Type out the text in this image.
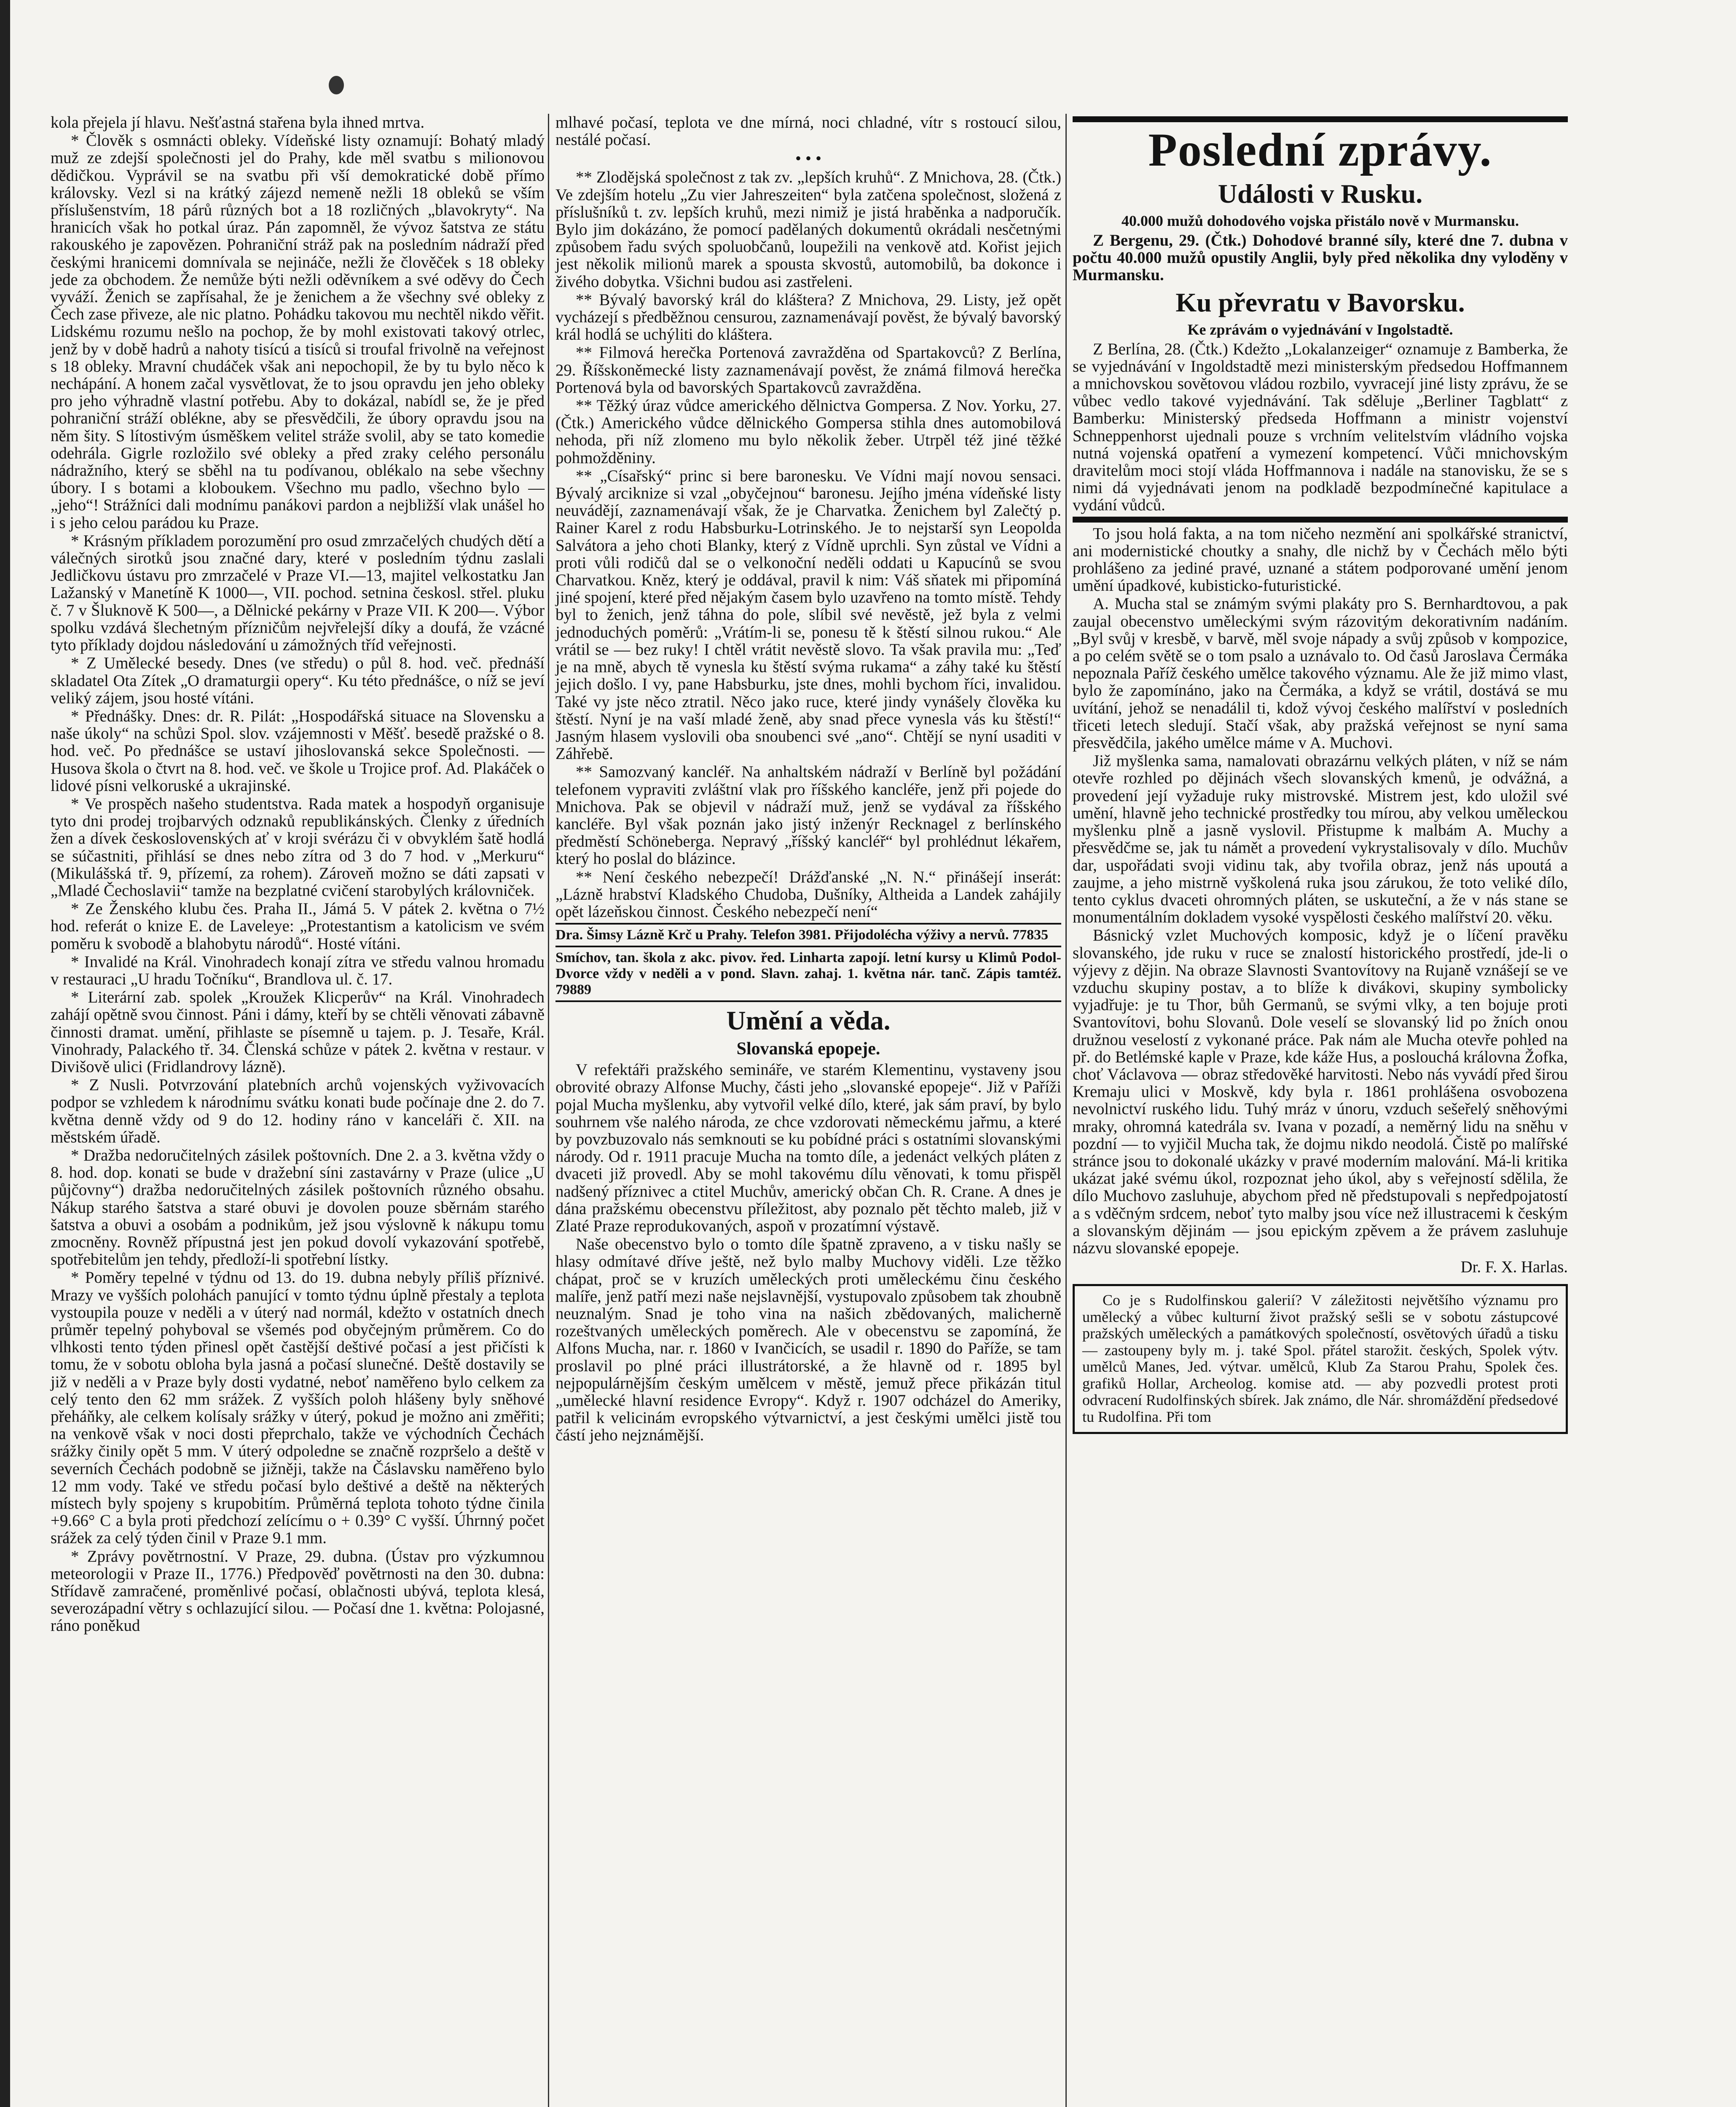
kola přejela jí hlavu. Nešťastná stařena byla ihned mrtva.

* Člověk s osmnácti obleky. Vídeňské listy oznamují: Bohatý mladý muž ze zdejší společnosti jel do Prahy, kde měl svatbu s milionovou dědičkou. Vyprávil se na svatbu při vší demokratické době přímo královsky. Vezl si na krátký zájezd nemeně nežli 18 obleků se vším příslušenstvím, 18 párů různých bot a 18 rozličných „blavokryty“. Na hranicích však ho potkal úraz. Pán zapomněl, že vývoz šatstva ze státu rakouského je zapovězen. Pohraniční stráž pak na posledním nádraží před českými hranicemi domnívala se nejináče, nežli že člověček s 18 obleky jede za obchodem. Že nemůže býti nežli oděvníkem a své oděvy do Čech vyváží. Ženich se zapřísahal, že je ženichem a že všechny své obleky z Čech zase přiveze, ale nic platno. Pohádku takovou mu nechtěl nikdo věřit. Lidskému rozumu nešlo na pochop, že by mohl existovati takový otrlec, jenž by v době hadrů a nahoty tisícú a tisíců si troufal frivolně na veřejnost s 18 obleky. Mravní chudáček však ani nepochopil, že by tu bylo něco k nechápání. A honem začal vysvětlovat, že to jsou opravdu jen jeho obleky pro jeho výhradně vlastní potřebu. Aby to dokázal, nabídl se, že je před pohraniční stráží oblékne, aby se přesvědčili, že úbory opravdu jsou na něm šity. S lítostivým úsměškem velitel stráže svolil, aby se tato komedie odehrála. Gigrle rozložilo své obleky a před zraky celého personálu nádražního, který se sběhl na tu podívanou, oblékalo na sebe všechny úbory. I s botami a kloboukem. Všechno mu padlo, všechno bylo — „jeho“! Strážníci dali modnímu panákovi pardon a nejbližší vlak unášel ho i s jeho celou parádou ku Praze.

* Krásným příkladem porozumění pro osud zmrzačelých chudých dětí a válečných sirotků jsou značné dary, které v posledním týdnu zaslali Jedličkovu ústavu pro zmrzačelé v Praze VI.—13, majitel velkostatku Jan Lažanský v Manetíně K 1000—, VII. pochod. setnina českosl. střel. pluku č. 7 v Šluknově K 500—, a Dělnické pekárny v Praze VII. K 200—. Výbor spolku vzdává šlechetným přízničům nejvřelejší díky a doufá, že vzácné tyto příklady dojdou následování u zámožných tříd veřejnosti.

* Z Umělecké besedy. Dnes (ve středu) o půl 8. hod. več. přednáší skladatel Ota Zítek „O dramaturgii opery“. Ku této přednášce, o níž se jeví veliký zájem, jsou hosté vítáni.

* Přednášky. Dnes: dr. R. Pilát: „Hospodářská situace na Slovensku a naše úkoly“ na schůzi Spol. slov. vzájemnosti v Měšť. besedě pražské o 8. hod. več. Po přednášce se ustaví jihoslovanská sekce Společnosti. — Husova škola o čtvrt na 8. hod. več. ve škole u Trojice prof. Ad. Plakáček o lidové písni velkoruské a ukrajinské.

* Ve prospěch našeho studentstva. Rada matek a hospodyň organisuje tyto dni prodej trojbarvých odznaků republikánských. Členky z úředních žen a dívek československých ať v kroji svérázu či v obvyklém šatě hodlá se súčastniti, přihlásí se dnes nebo zítra od 3 do 7 hod. v „Merkuru“ (Mikulášská tř. 9, přízemí, za rohem). Zároveň možno se dáti zapsati v „Mladé Čechoslavii“ tamže na bezplatné cvičení starobylých královniček.

* Ze Ženského klubu čes. Praha II., Jámá 5. V pátek 2. května o 7½ hod. referát o knize E. de Laveleye: „Protestantism a katolicism ve svém poměru k svobodě a blahobytu národů“. Hosté vítáni.

* Invalidé na Král. Vinohradech konají zítra ve středu valnou hromadu v restauraci „U hradu Točníku“, Brandlova ul. č. 17.

* Literární zab. spolek „Kroužek Klicperův“ na Král. Vinohradech zahájí opětně svou činnost. Páni i dámy, kteří by se chtěli věnovati zábavně činnosti dramat. umění, přihlaste se písemně u tajem. p. J. Tesaře, Král. Vinohrady, Palackého tř. 34. Členská schůze v pátek 2. května v restaur. v Divišově ulici (Fridlandrovy lázně).

* Z Nusli. Potvrzování platebních archů vojenských vyživovacích podpor se vzhledem k národnímu svátku konati bude počínaje dne 2. do 7. května denně vždy od 9 do 12. hodiny ráno v kanceláři č. XII. na městském úřadě.

* Dražba nedoručitelných zásilek poštovních. Dne 2. a 3. května vždy o 8. hod. dop. konati se bude v dražební síni zastavárny v Praze (ulice „U půjčovny“) dražba nedoručitelných zásilek poštovních různého obsahu. Nákup starého šatstva a staré obuvi je dovolen pouze sběrnám starého šatstva a obuvi a osobám a podnikům, jež jsou výslovně k nákupu tomu zmocněny. Rovněž přípustná jest jen pokud dovolí vykazování spotřebě, spotřebitelům jen tehdy, předloží-li spotřební lístky.

* Poměry tepelné v týdnu od 13. do 19. dubna nebyly příliš příznivé. Mrazy ve vyšších polohách panující v tomto týdnu úplně přestaly a teplota vystoupila pouze v neděli a v úterý nad normál, kdežto v ostatních dnech průměr tepelný pohyboval se všemés pod obyčejným průměrem. Co do vlhkosti tento týden přinesl opět častější deštivé počasí a jest přičísti k tomu, že v sobotu obloha byla jasná a počasí slunečné. Deště dostavily se již v neděli a v Praze byly dosti vydatné, neboť naměřeno bylo celkem za celý tento den 62 mm srážek. Z vyšších poloh hlášeny byly sněhové přeháňky, ale celkem kolísaly srážky v úterý, pokud je možno ani změřiti; na venkově však v noci dosti přeprchalo, takže ve východních Čechách srážky činily opět 5 mm. V úterý odpoledne se značně rozpršelo a deště v severních Čechách podobně se jižněji, takže na Čáslavsku naměřeno bylo 12 mm vody. Také ve středu počasí bylo deštivé a deště na některých místech byly spojeny s krupobitím. Průměrná teplota tohoto týdne činila +9.66° C a byla proti předchozí zelícímu o + 0.39° C vyšší. Úhrnný počet srážek za celý týden činil v Praze 9.1 mm.

* Zprávy povětrnostní. V Praze, 29. dubna. (Ústav pro výzkumnou meteorologii v Praze II., 1776.) Předpověď povětrnosti na den 30. dubna: Střídavě zamračené, proměnlivé počasí, oblačnosti ubývá, teplota klesá, severozápadní větry s ochlazující silou. — Počasí dne 1. května: Polojasné, ráno poněkud

mlhavé počasí, teplota ve dne mírná, noci chladné, vítr s rostoucí silou, nestálé počasí.

• • •

** Zlodějská společnost z tak zv. „lepších kruhů“. Z Mnichova, 28. (Čtk.) Ve zdejším hotelu „Zu vier Jahreszeiten“ byla zatčena společnost, složená z příslušníků t. zv. lepších kruhů, mezi nimiž je jistá hraběnka a nadporučík. Bylo jim dokázáno, že pomocí padělaných dokumentů okrádali nesčetnými způsobem řadu svých spoluobčanů, loupežili na venkově atd. Kořist jejich jest několik milionů marek a spousta skvostů, automobilů, ba dokonce i živého dobytka. Všichni budou asi zastřeleni.

** Bývalý bavorský král do kláštera? Z Mnichova, 29. Listy, jež opět vycházejí s předběžnou censurou, zaznamenávají pověst, že bývalý bavorský král hodlá se uchýliti do kláštera.

** Filmová herečka Portenová zavražděna od Spartakovců? Z Berlína, 29. Říšskoněmecké listy zaznamenávají pověst, že známá filmová herečka Portenová byla od bavorských Spartakovců zavražděna.

** Těžký úraz vůdce amerického dělnictva Gompersa. Z Nov. Yorku, 27. (Čtk.) Amerického vůdce dělnického Gompersa stihla dnes automobilová nehoda, při níž zlomeno mu bylo několik žeber. Utrpěl též jiné těžké pohmožděniny.

** „Císařský“ princ si bere baronesku. Ve Vídni mají novou sensaci. Bývalý arciknize si vzal „obyčejnou“ baronesu. Jejího jména vídeňské listy neuvádějí, zaznamenávají však, že je Charvatka. Ženichem byl Zalečtý p. Rainer Karel z rodu Habsburku-Lotrinského. Je to nejstarší syn Leopolda Salvátora a jeho choti Blanky, který z Vídně uprchli. Syn zůstal ve Vídni a proti vůli rodičů dal se o velkonoční neděli oddati u Kapucínů se svou Charvatkou. Kněz, který je oddával, pravil k nim: Váš sňatek mi připomíná jiné spojení, které před nějakým časem bylo uzavřeno na tomto místě. Tehdy byl to ženich, jenž táhna do pole, slíbil své nevěstě, jež byla z velmi jednoduchých poměrů: „Vrátím-li se, ponesu tě k štěstí silnou rukou.“ Ale vrátil se — bez ruky! I chtěl vrátit nevěstě slovo. Ta však pravila mu: „Teď je na mně, abych tě vynesla ku štěstí svýma rukama“ a záhy také ku štěstí jejich došlo. I vy, pane Habsburku, jste dnes, mohli bychom říci, invalidou. Také vy jste něco ztratil. Něco jako ruce, které jindy vynášely člověka ku štěstí. Nyní je na vaší mladé ženě, aby snad přece vynesla vás ku štěstí!“ Jasným hlasem vyslovili oba snoubenci své „ano“. Chtějí se nyní usaditi v Záhřebě.

** Samozvaný kancléř. Na anhaltském nádraží v Berlíně byl požádání telefonem vypraviti zvláštní vlak pro říšského kancléře, jenž při pojede do Mnichova. Pak se objevil v nádraží muž, jenž se vydával za říšského kancléře. Byl však poznán jako jistý inženýr Recknagel z berlínského předměstí Schöneberga. Nepravý „říšský kancléř“ byl prohlédnut lékařem, který ho poslal do blázince.

** Není českého nebezpečí! Drážďanské „N. N.“ přinášejí inserát: „Lázně hrabství Kladského Chudoba, Dušníky, Altheida a Landek zahájily opět lázeňskou činnost. Českého nebezpečí není“

Dra. Šimsy Lázně Krč u Prahy. Telefon 3981. Přijodolécha výživy a nervů. 77835

Smíchov, tan. škola z akc. pivov. řed. Linharta zapojí. letní kursy u Klimů Podol-Dvorce vždy v neděli a v pond. Slavn. zahaj. 1. května nár. tanč. Zápis tamtéž. 79889

Umění a věda.
Slovanská epopeje.

V refektáři pražského semináře, ve starém Klementinu, vystaveny jsou obrovité obrazy Alfonse Muchy, části jeho „slovanské epopeje“. Již v Paříži pojal Mucha myšlenku, aby vytvořil velké dílo, které, jak sám praví, by bylo souhrnem vše nalého národa, ze chce vzdorovati německému jařmu, a které by povzbuzovalo nás semknouti se ku pobídné práci s ostatními slovanskými národy. Od r. 1911 pracuje Mucha na tomto díle, a jedenáct velkých pláten z dvaceti již provedl. Aby se mohl takovému dílu věnovati, k tomu přispěl nadšený příznivec a ctitel Muchův, americký občan Ch. R. Crane. A dnes je dána pražskému obecenstvu příležitost, aby poznalo pět těchto maleb, již v Zlaté Praze reprodukovaných, aspoň v prozatímní výstavě.

Naše obecenstvo bylo o tomto díle špatně zpraveno, a v tisku našly se hlasy odmítavé dříve ještě, než bylo malby Muchovy viděli. Lze těžko chápat, proč se v kruzích uměleckých proti uměleckému činu českého malíře, jenž patří mezi naše nejslavnější, vystupovalo způsobem tak zhoubně neuznalým. Snad je toho vina na našich zbědovaných, malicherně rozeštvaných uměleckých poměrech. Ale v obecenstvu se zapomíná, že Alfons Mucha, nar. r. 1860 v Ivančicích, se usadil r. 1890 do Paříže, se tam proslavil po plné práci illustrátorské, a že hlavně od r. 1895 byl nejpopulárnějším českým umělcem v městě, jemuž přece přikázán titul „umělecké hlavní residence Evropy“. Když r. 1907 odcházel do Ameriky, patřil k velicinám evropského výtvarnictví, a jest českými umělci jistě tou částí jeho nejznámější.

Poslední zprávy.
Události v Rusku.

40.000 mužů dohodového vojska přistálo nově v Murmansku.

Z Bergenu, 29. (Čtk.) Dohodové branné síly, které dne 7. dubna v počtu 40.000 mužů opustily Anglii, byly před několika dny vyloděny v Murmansku.

Ku převratu v Bavorsku.

Ke zprávám o vyjednávání v Ingolstadtě.

Z Berlína, 28. (Čtk.) Kdežto „Lokalanzeiger“ oznamuje z Bamberka, že se vyjednávání v Ingoldstadtě mezi ministerským předsedou Hoffmannem a mnichovskou sovětovou vládou rozbilo, vyvracejí jiné listy zprávu, že se vůbec vedlo takové vyjednávání. Tak sděluje „Berliner Tagblatt“ z Bamberku: Ministerský předseda Hoffmann a ministr vojenství Schneppenhorst ujednali pouze s vrchním velitelstvím vládního vojska nutná vojenská opatření a vymezení kompetencí. Vůči mnichovským dravitelům moci stojí vláda Hoffmannova i nadále na stanovisku, že se s nimi dá vyjednávati jenom na podkladě bezpodmínečné kapitulace a vydání vůdců.

To jsou holá fakta, a na tom ničeho nezmění ani spolkářské stranictví, ani modernistické choutky a snahy, dle nichž by v Čechách mělo býti prohlášeno za jediné pravé, uznané a státem podporované umění jenom umění úpadkové, kubisticko-futuristické.

A. Mucha stal se známým svými plakáty pro S. Bernhardtovou, a pak zaujal obecenstvo uměleckými svým rázovitým dekorativním nadáním. „Byl svůj v kresbě, v barvě, měl svoje nápady a svůj způsob v kompozice, a po celém světě se o tom psalo a uznávalo to. Od časů Jaroslava Čermáka nepoznala Paříž českého umělce takového významu. Ale že již mimo vlast, bylo že zapomínáno, jako na Čermáka, a když se vrátil, dostává se mu uvítání, jehož se nenadálil ti, kdož vývoj českého malířství v posledních třiceti letech sledují. Stačí však, aby pražská veřejnost se nyní sama přesvědčila, jakého umělce máme v A. Muchovi.

Již myšlenka sama, namalovati obrazárnu velkých pláten, v níž se nám otevře rozhled po dějinách všech slovanských kmenů, je odvážná, a provedení její vyžaduje ruky mistrovské. Mistrem jest, kdo uložil své umění, hlavně jeho technické prostředky tou mírou, aby velkou uměleckou myšlenku plně a jasně vyslovil. Přistupme k malbám A. Muchy a přesvědčme se, jak tu námět a provedení vykrystalisovaly v dílo. Muchův dar, uspořádati svoji vidinu tak, aby tvořila obraz, jenž nás upoutá a zaujme, a jeho mistrně vyškolená ruka jsou zárukou, že toto veliké dílo, tento cyklus dvaceti ohromných pláten, se uskuteční, a že v nás stane se monumentálním dokladem vysoké vyspělosti českého malířství 20. věku.

Básnický vzlet Muchových komposic, když je o líčení pravěku slovanského, jde ruku v ruce se znalostí historického prostředí, jde-li o výjevy z dějin. Na obraze Slavnosti Svantovítovy na Rujaně vznášejí se ve vzduchu skupiny postav, a to blíže k divákovi, skupiny symbolicky vyjadřuje: je tu Thor, bůh Germanů, se svými vlky, a ten bojuje proti Svantovítovi, bohu Slovanů. Dole veselí se slovanský lid po žních onou družnou veselostí z vykonané práce. Pak nám ale Mucha otevře pohled na př. do Betlémské kaple v Praze, kde káže Hus, a poslouchá královna Žofka, choť Václavova — obraz středověké harvitosti. Nebo nás vyvádí před širou Kremaju ulici v Moskvě, kdy byla r. 1861 prohlášena osvobozena nevolnictví ruského lidu. Tuhý mráz v únoru, vzduch sešeřelý sněhovými mraky, ohromná katedrála sv. Ivana v pozadí, a neměrný lidu na sněhu v pozdní — to vyjičil Mucha tak, že dojmu nikdo neodolá. Čistě po malířské stránce jsou to dokonalé ukázky v pravé moderním malování. Má-li kritika ukázat jaké svému úkol, rozpoznat jeho úkol, aby s veřejností sdělila, že dílo Muchovo zasluhuje, abychom před ně předstupovali s nepředpojatostí a s vděčným srdcem, neboť tyto malby jsou více než illustracemi k českým a slovanským dějinám — jsou epickým zpěvem a že právem zasluhuje názvu slovanské epopeje.

Dr. F. X. Harlas.

Co je s Rudolfinskou galerií? V záležitosti největšího významu pro umělecký a vůbec kulturní život pražský sešli se v sobotu zástupcové pražských uměleckých a památkových společností, osvětových úřadů a tisku — zastoupeny byly m. j. také Spol. přátel starožit. českých, Spolek výtv. umělců Manes, Jed. výtvar. umělců, Klub Za Starou Prahu, Spolek čes. grafiků Hollar, Archeolog. komise atd. — aby pozvedli protest proti odvracení Rudolfinských sbírek. Jak známo, dle Nár. shromáždění předsedové tu Rudolfina. Při tom
